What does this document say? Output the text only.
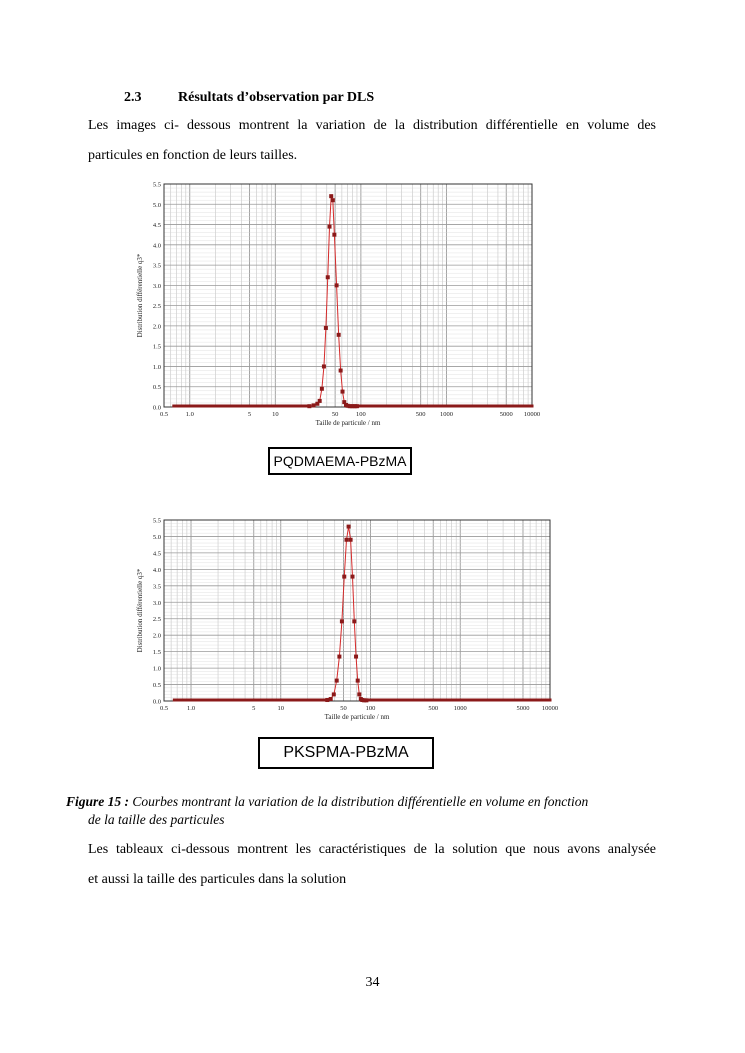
2.3	Résultats d’observation par DLS
Les images ci- dessous montrent la variation de la distribution différentielle en volume des
particules en fonction de leurs tailles.
0.0
0.5
1.0
1.5
2.0
2.5
3.0
3.5
4.0
4.5
5.0
5.5
0.5	1.0	5	10	50	100	500 1000	5000 10000
Taille de particule / nm
Distribution différentielle q3*
PQDMAEMA-PBzMA
0.0
0.5
1.0
1.5
2.0
2.5
3.0
3.5
4.0
4.5
5.0
5.5
0.5	1.0	5	10	50	100	500 1000	5000 10000
Taille de particule / nm
Distribution différentielle q3*
PKSPMA-PBzMA
Figure 15 : Courbes montrant la variation de la distribution différentielle en volume en fonction
de la taille des particules
Les tableaux ci-dessous montrent les caractéristiques de la solution que nous avons analysée
et aussi la taille des particules dans la solution
34
